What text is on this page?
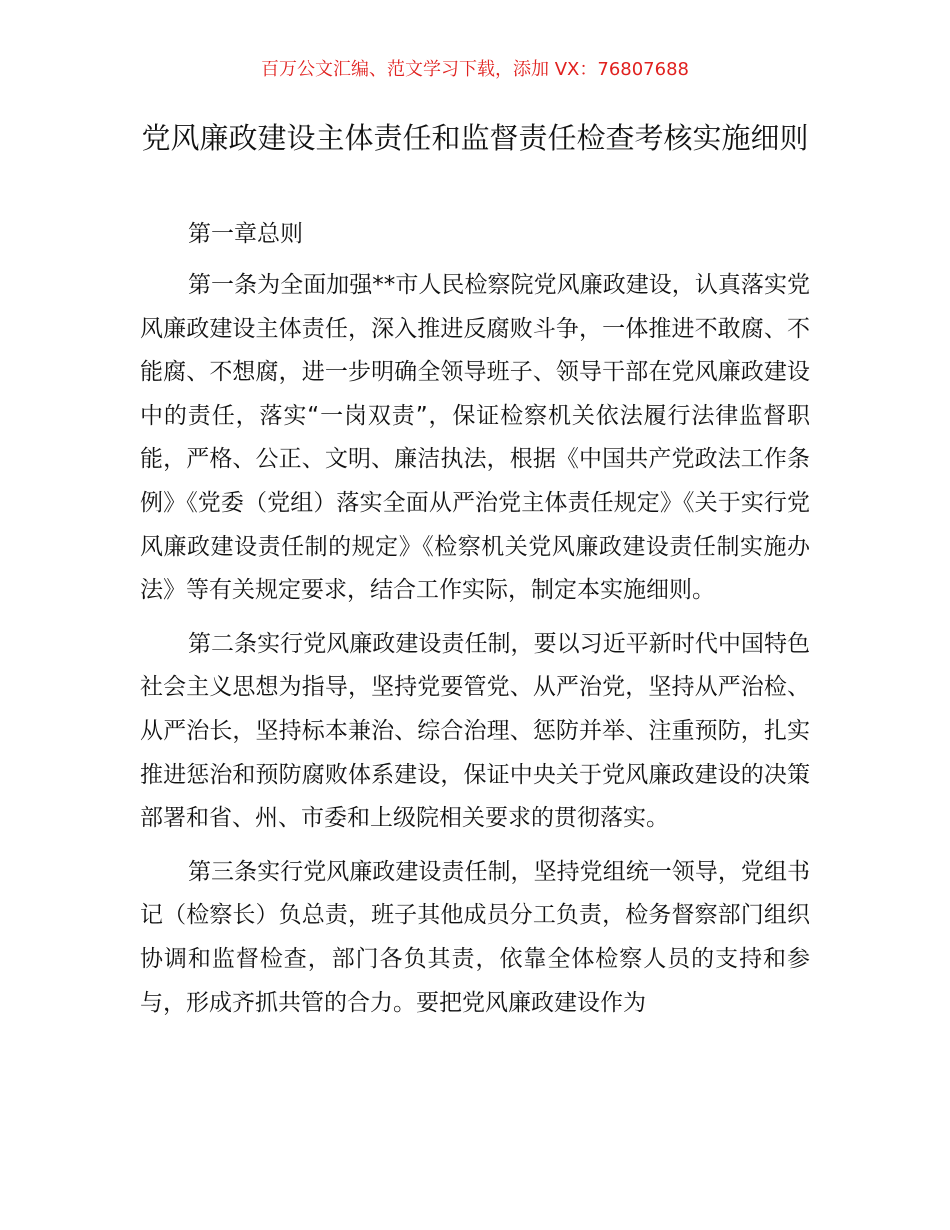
百万公文汇编、范文学习下载，添加 VX：76807688
党风廉政建设主体责任和监督责任检查考核实施细则

第一章总则

第一条为全面加强**市人民检察院党风廉政建设，认真落实党风廉政建设主体责任，深入推进反腐败斗争，一体推进不敢腐、不能腐、不想腐，进一步明确全领导班子、领导干部在党风廉政建设中的责任，落实“一岗双责”，保证检察机关依法履行法律监督职能，严格、公正、文明、廉洁执法，根据《中国共产党政法工作条例》《党委（党组）落实全面从严治党主体责任规定》《关于实行党风廉政建设责任制的规定》《检察机关党风廉政建设责任制实施办法》等有关规定要求，结合工作实际，制定本实施细则。

第二条实行党风廉政建设责任制，要以习近平新时代中国特色社会主义思想为指导，坚持党要管党、从严治党，坚持从严治检、从严治长，坚持标本兼治、综合治理、惩防并举、注重预防，扎实推进惩治和预防腐败体系建设，保证中央关于党风廉政建设的决策部署和省、州、市委和上级院相关要求的贯彻落实。

第三条实行党风廉政建设责任制，坚持党组统一领导，党组书记（检察长）负总责，班子其他成员分工负责，检务督察部门组织协调和监督检查，部门各负其责，依靠全体检察人员的支持和参与，形成齐抓共管的合力。要把党风廉政建设作为
